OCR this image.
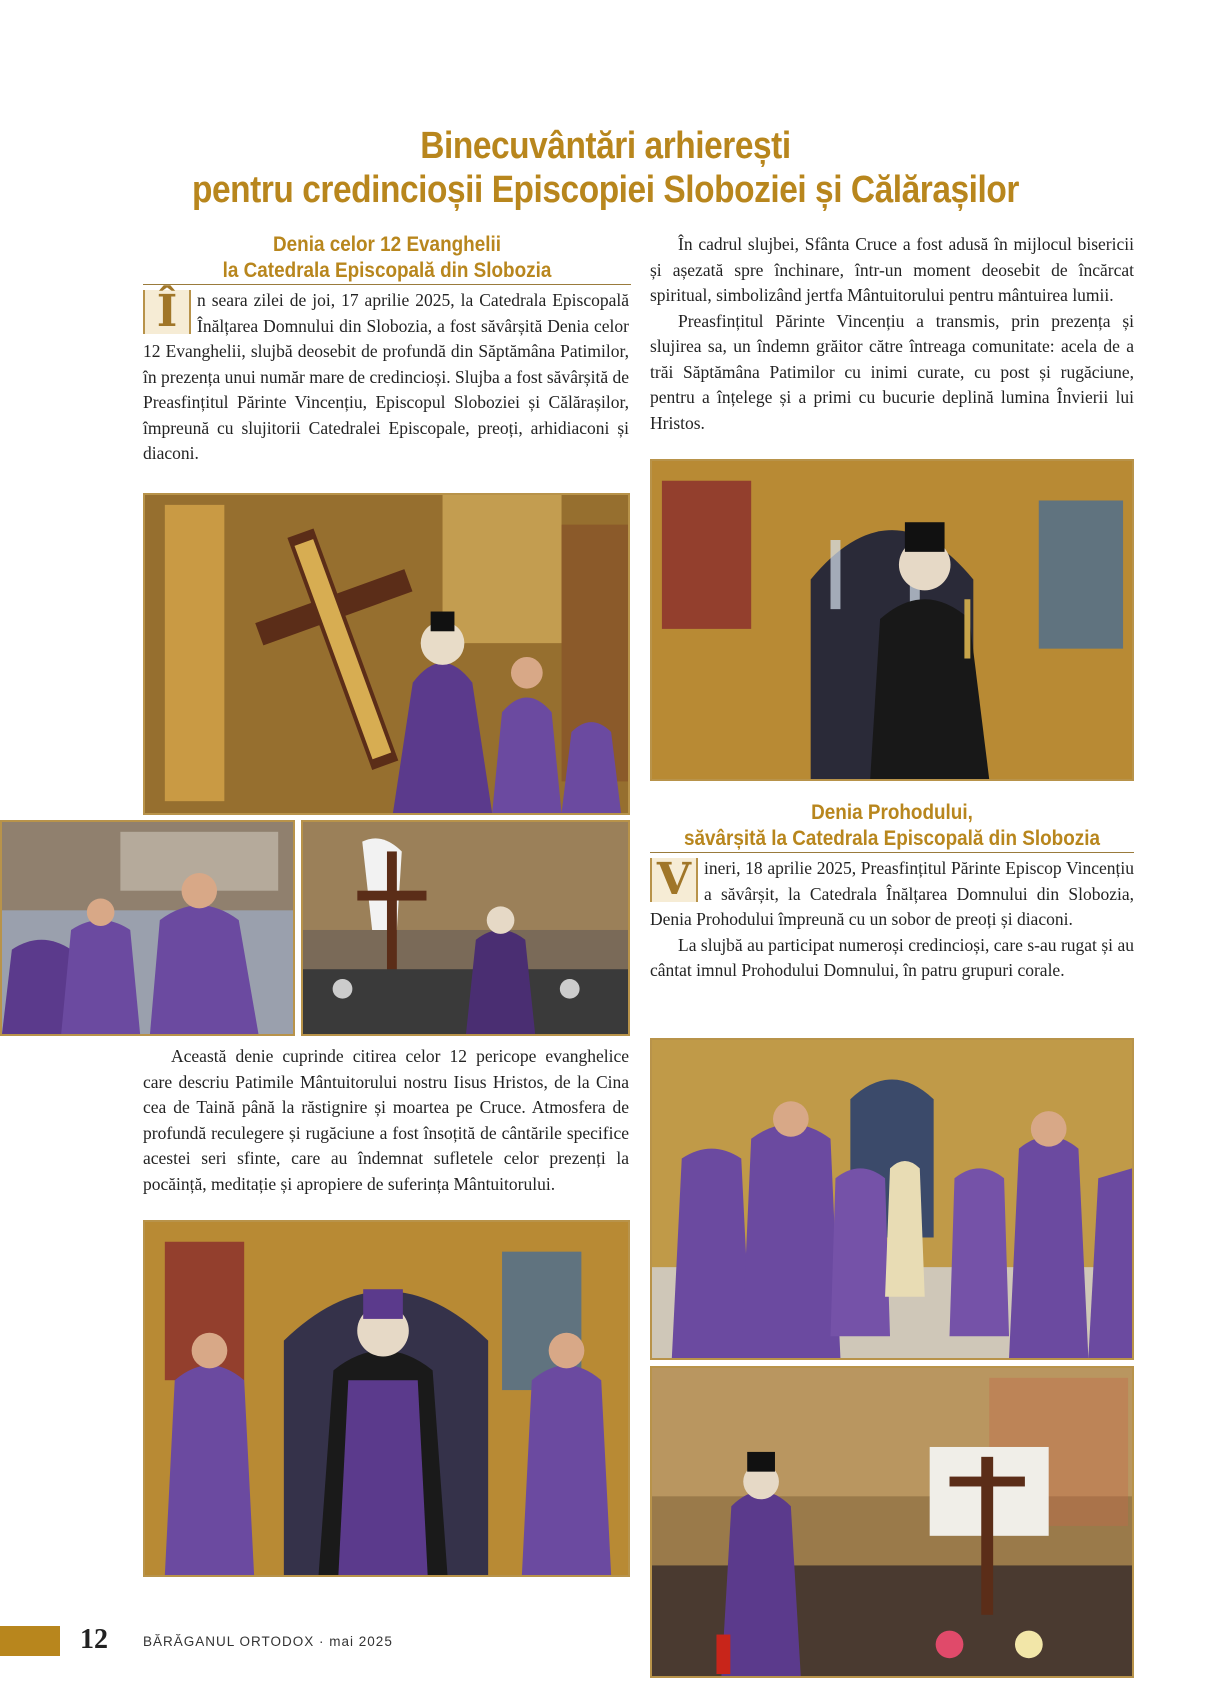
Binecuvântări arhierești
pentru credincioșii Episcopiei Sloboziei și Călărașilor
Denia celor 12 Evanghelii
la Catedrala Episcopală din Slobozia

Î	n seara zilei de joi, 17 aprilie 2025, la Catedrala Episcopală Înălțarea Domnului din Slobozia, a fost săvârșită Denia celor 12 Evanghelii, slujbă deosebit de profundă din Săptămâna Patimilor, în prezența unui număr mare de credincioși. Slujba a fost săvârșită de Preasfințitul Părinte Vincențiu, Episcopul Sloboziei și Călărașilor, împreună cu slujitorii Catedralei Episcopale, preoți, arhidiaconi și diaconi.

În cadrul slujbei, Sfânta Cruce a fost adusă în mijlocul bisericii și așezată spre închinare, într-un moment deosebit de încărcat spiritual, simbolizând jertfa Mântuitorului pentru mântuirea lumii.

Preasfințitul Părinte Vincențiu a transmis, prin prezența și slujirea sa, un îndemn grăitor către întreaga comunitate: acela de a trăi Săptămâna Patimilor cu inimi curate, cu post și rugăciune, pentru a înțelege și a primi cu bucurie deplină lumina Învierii lui Hristos.

Această denie cuprinde citirea celor 12 pericope evanghelice care descriu Patimile Mântuitorului nostru Iisus Hristos, de la Cina cea de Taină până la răstignire și moartea pe Cruce. Atmosfera de profundă reculegere și rugăciune a fost însoțită de cântările specifice acestei seri sfinte, care au îndemnat sufletele celor prezenți la pocăință, meditație și apropiere de suferința Mântuitorului.

Denia Prohodului,
săvârșită la Catedrala Episcopală din Slobozia

V ineri, 18 aprilie 2025, Preasfințitul Părinte Episcop Vincențiu a săvârșit, la Catedrala Înălțarea Domnului din Slobozia, Denia Prohodului împreună cu un sobor de preoți și diaconi.

La slujbă au participat numeroși credincioși, care s-au rugat și au cântat imnul Prohodului Domnului, în patru grupuri corale.

12	BĂRĂGANUL ORTODOX · mai 2025
